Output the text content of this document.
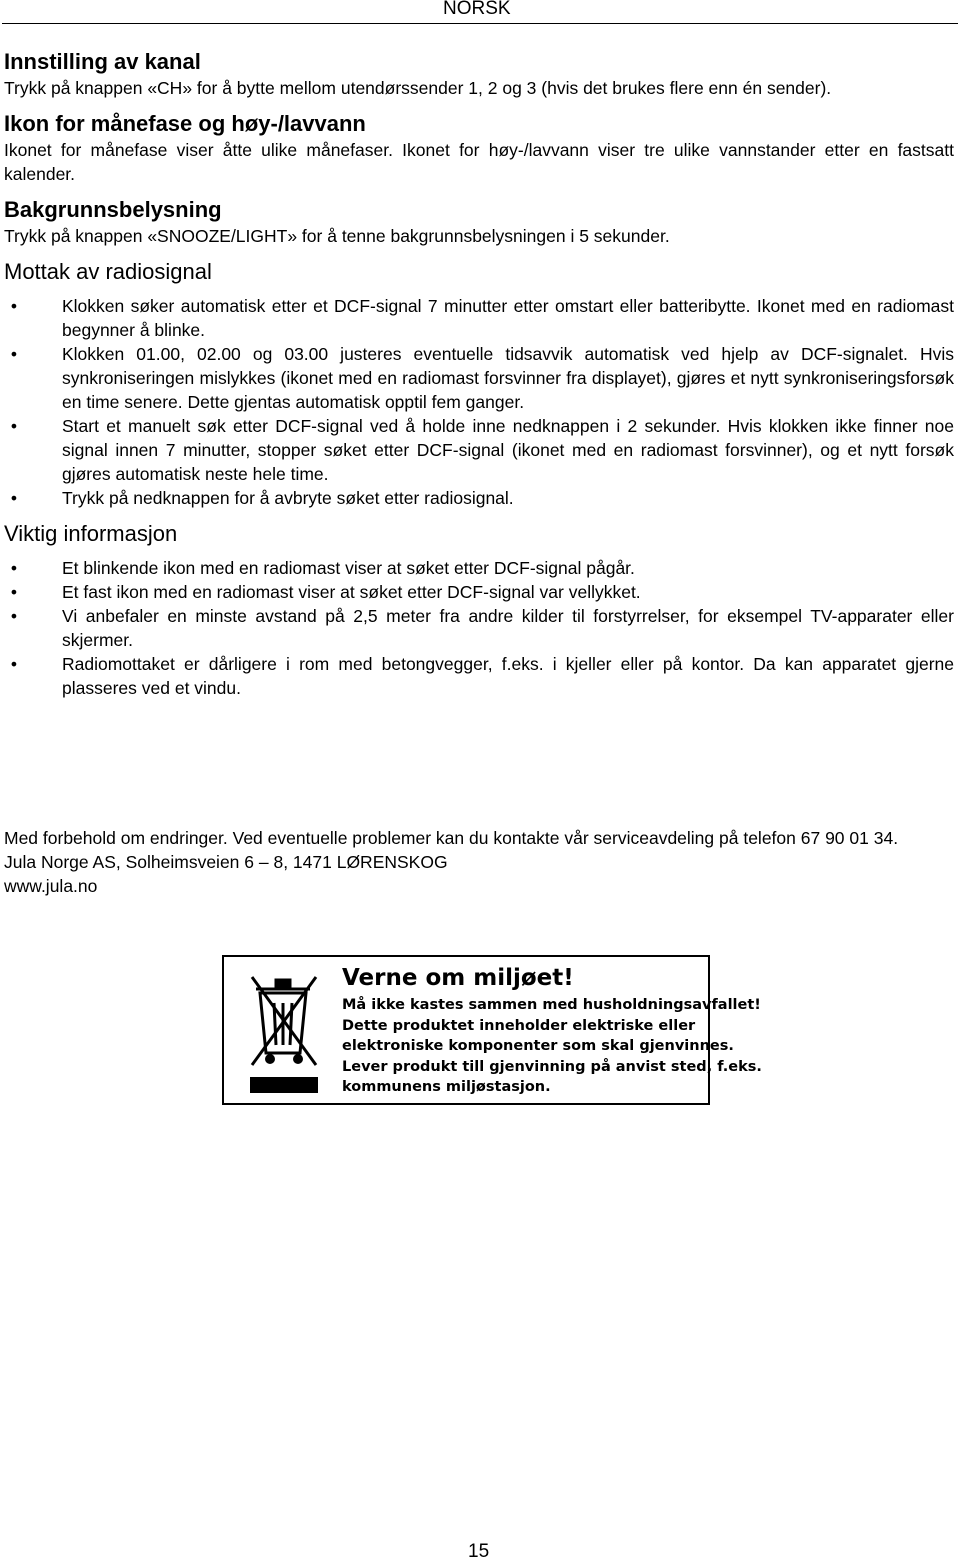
NORSK
Innstilling av kanal

Trykk på knappen «CH» for å bytte mellom utendørssender 1, 2 og 3 (hvis det brukes flere enn én sender).

Ikon for månefase og høy-/lavvann

Ikonet for månefase viser åtte ulike månefaser. Ikonet for høy-/lavvann viser tre ulike vannstander etter en fastsatt kalender.

Bakgrunnsbelysning

Trykk på knappen «SNOOZE/LIGHT» for å tenne bakgrunnsbelysningen i 5 sekunder.

Mottak av radiosignal
•	Klokken søker automatisk etter et DCF-signal 7 minutter etter omstart eller batteribytte. Ikonet med en radiomast begynner å blinke.
•	Klokken 01.00, 02.00 og 03.00 justeres eventuelle tidsavvik automatisk ved hjelp av DCF-signalet. Hvis synkroniseringen mislykkes (ikonet med en radiomast forsvinner fra displayet), gjøres et nytt synkroniseringsforsøk en time senere. Dette gjentas automatisk opptil fem ganger.
•	Start et manuelt søk etter DCF-signal ved å holde inne nedknappen i 2 sekunder. Hvis klokken ikke finner noe signal innen 7 minutter, stopper søket etter DCF-signal (ikonet med en radiomast forsvinner), og et nytt forsøk gjøres automatisk neste hele time.
•	Trykk på nedknappen for å avbryte søket etter radiosignal.
Viktig informasjon
•	Et blinkende ikon med en radiomast viser at søket etter DCF-signal pågår.
•	Et fast ikon med en radiomast viser at søket etter DCF-signal var vellykket.
•	Vi anbefaler en minste avstand på 2,5 meter fra andre kilder til forstyrrelser, for eksempel TV-apparater eller skjermer.
•	Radiomottaket er dårligere i rom med betongvegger, f.eks. i kjeller eller på kontor. Da kan apparatet gjerne plasseres ved et vindu.

Med forbehold om endringer. Ved eventuelle problemer kan du kontakte vår serviceavdeling på telefon 67 90 01 34.

Jula Norge AS, Solheimsveien 6 – 8, 1471 LØRENSKOG
www.jula.no
Verne om miljøet!
Må ikke kastes sammen med husholdningsavfallet!
Dette produktet inneholder elektriske eller
elektroniske komponenter som skal gjenvinnes.
Lever produkt till gjenvinning på anvist sted, f.eks.
kommunens miljøstasjon.
15
